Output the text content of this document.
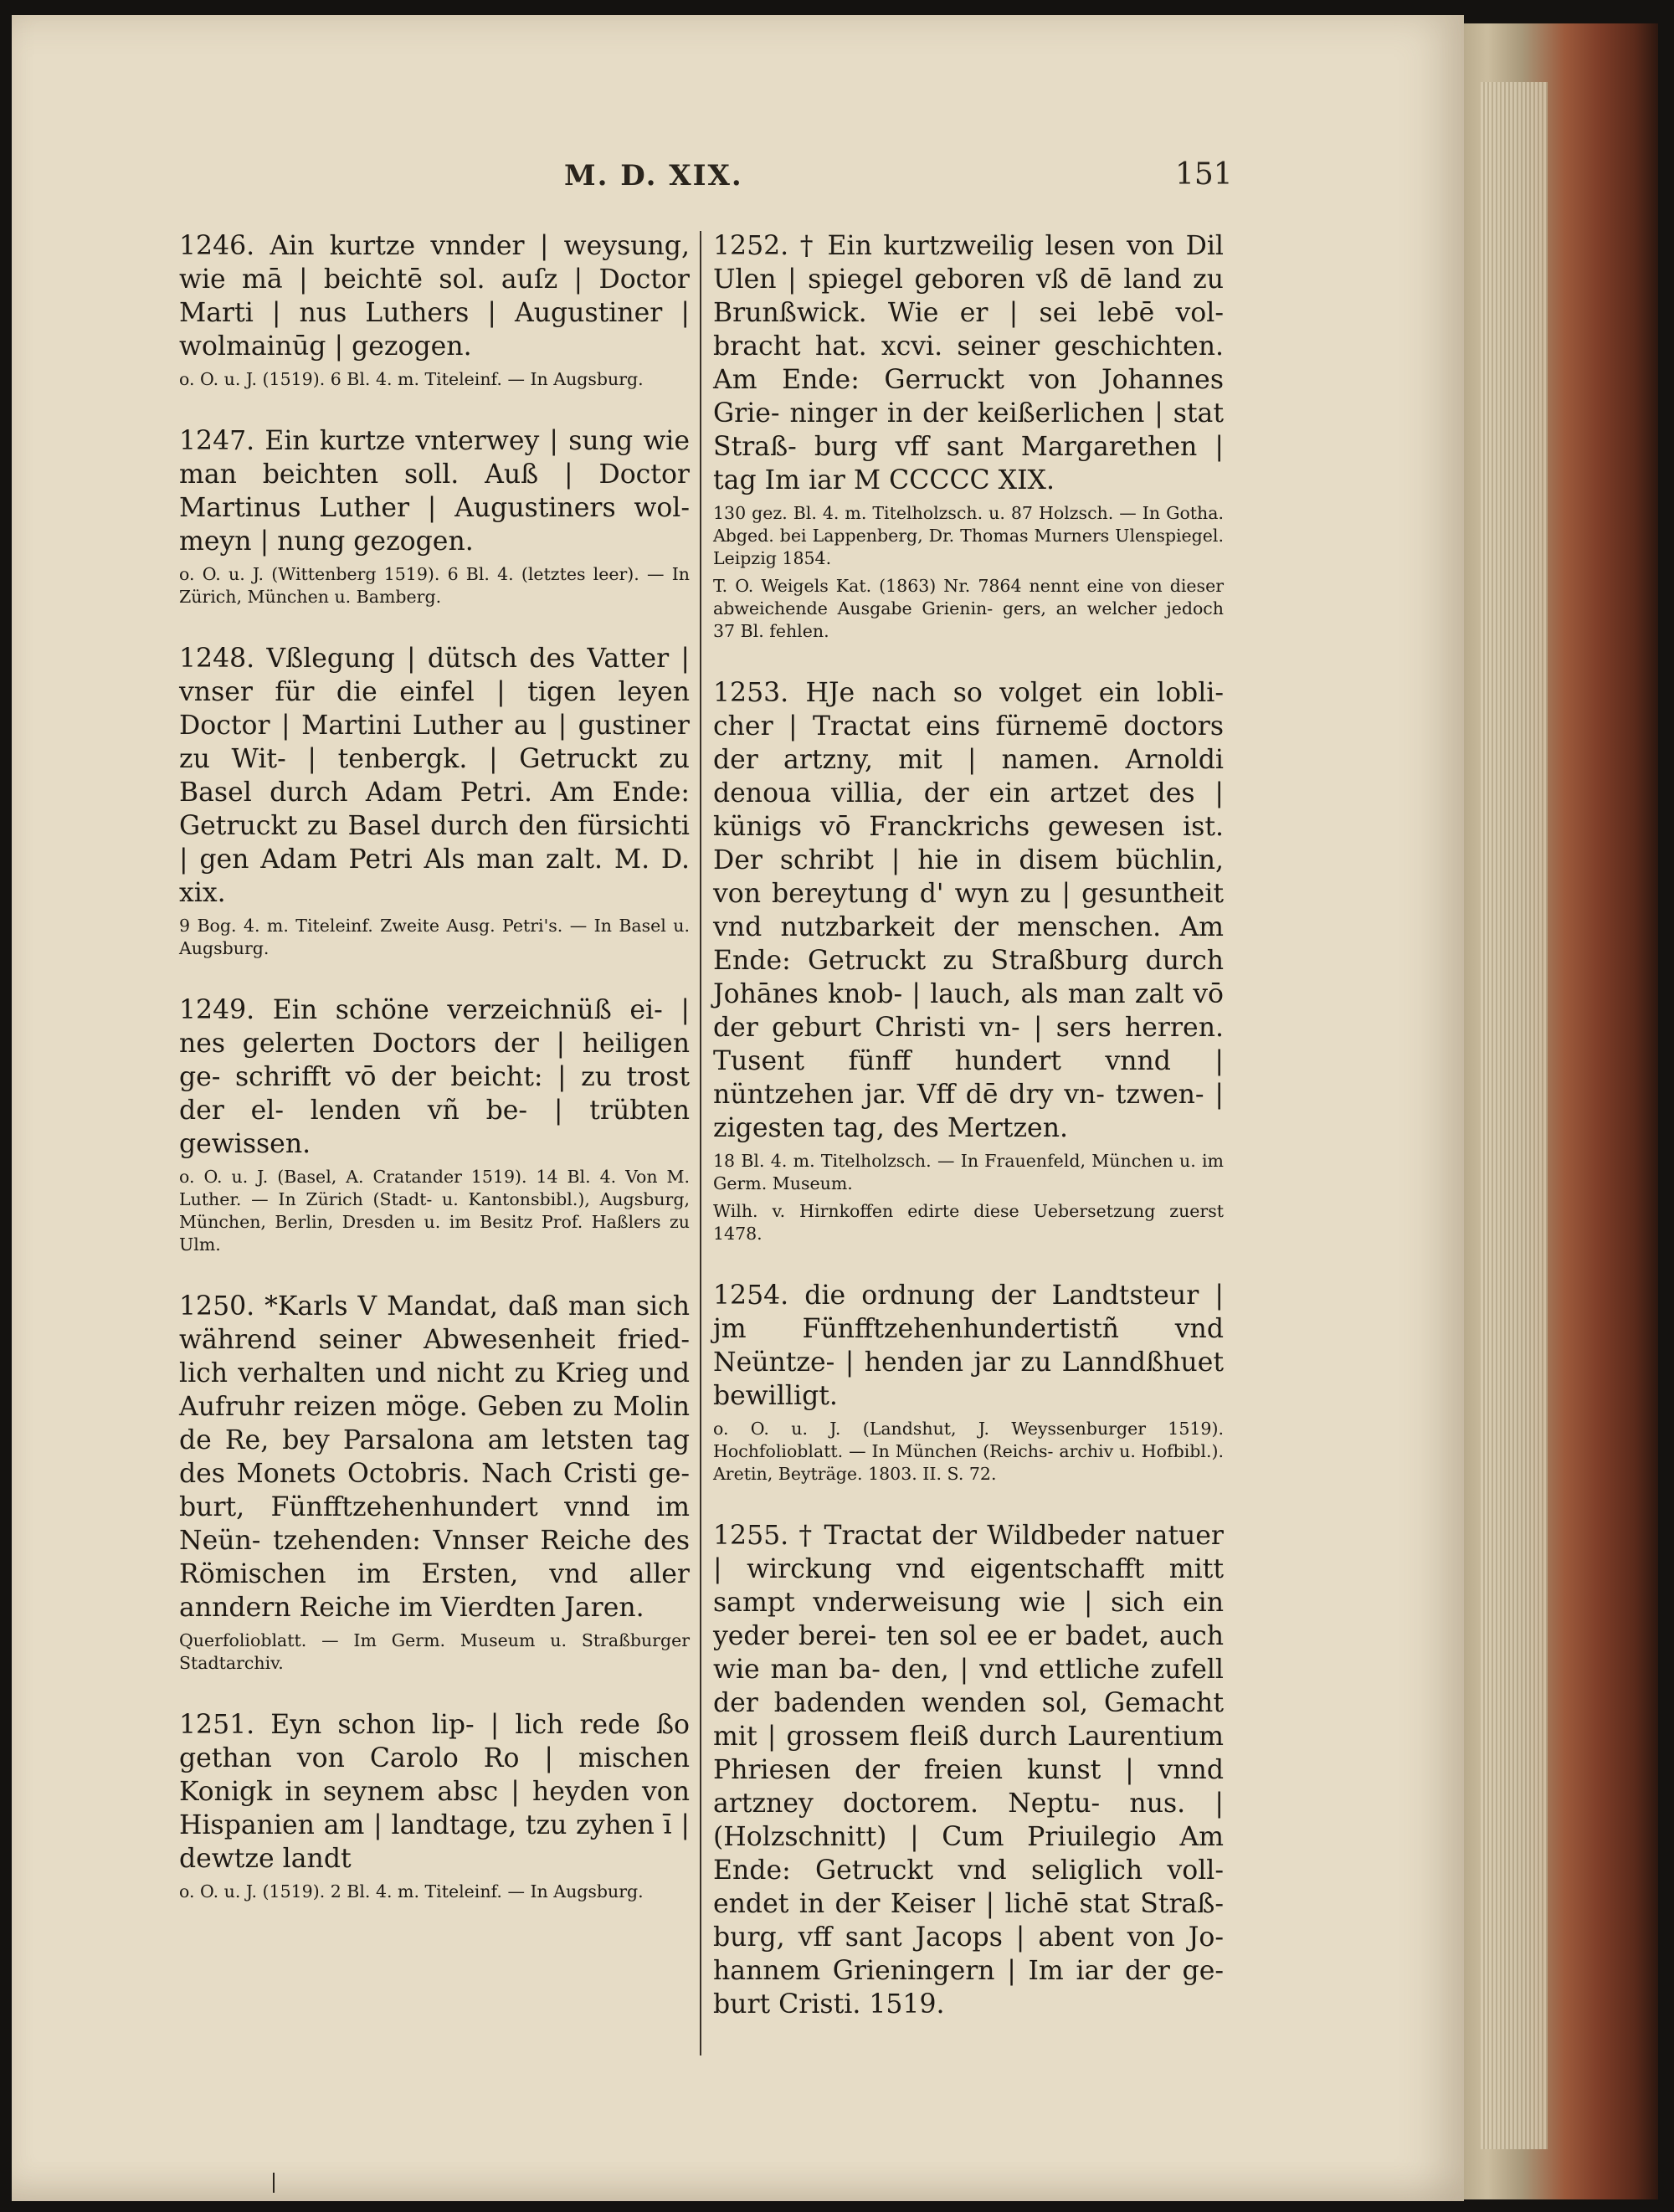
M. D. XIX.	151

1246. Ain kurtze vnnder | weysung, wie mā | beichtē sol. auſz | Doctor Marti | nus Luthers | Augustiner | wolmainūg | gezogen.

o. O. u. J. (1519). 6 Bl. 4. m. Titeleinf. — In Augsburg.

1247. Ein kurtze vnterwey | sung wie man beichten soll. Auß | Doctor Martinus Luther | Augustiners wol- meyn | nung gezogen.

o. O. u. J. (Wittenberg 1519). 6 Bl. 4. (letztes leer). — In Zürich, München u. Bamberg.

1248. Vßlegung | dütsch des Vatter | vnser für die einfel | tigen leyen Doctor | Martini Luther au | gustiner zu Wit- | tenbergk. | Getruckt zu Basel durch Adam Petri. Am Ende: Getruckt zu Basel durch den fürsichti | gen Adam Petri Als man zalt. M. D. xix.

9 Bog. 4. m. Titeleinf. Zweite Ausg. Petri's. — In Basel u. Augsburg.

1249. Ein schöne verzeichnüß ei- | nes gelerten Doctors der | heiligen ge- schrifft vō der beicht: | zu trost der el- lenden vñ be- | trübten gewissen.

o. O. u. J. (Basel, A. Cratander 1519). 14 Bl. 4. Von M. Luther. — In Zürich (Stadt- u. Kantonsbibl.), Augsburg, München, Berlin, Dresden u. im Besitz Prof. Haßlers zu Ulm.

1250. *Karls V Mandat, daß man sich während seiner Abwesenheit fried- lich verhalten und nicht zu Krieg und Aufruhr reizen möge. Geben zu Molin de Re, bey Parsalona am letsten tag des Monets Octobris. Nach Cristi ge- burt, Fünfftzehenhundert vnnd im Neün- tzehenden: Vnnser Reiche des Römischen im Ersten, vnd aller anndern Reiche im Vierdten Jaren.

Querfolioblatt. — Im Germ. Museum u. Straßburger Stadtarchiv.

1251. Eyn schon lip- | lich rede ßo gethan von Carolo Ro | mischen Konigk in seynem absc | heyden von Hispanien am | landtage, tzu zyhen ī | dewtze landt

o. O. u. J. (1519). 2 Bl. 4. m. Titeleinf. — In Augsburg.

1252. † Ein kurtzweilig lesen von Dil Ulen | spiegel geboren vß dē land zu Brunßwick. Wie er | sei lebē vol- bracht hat. xcvi. seiner geschichten. Am Ende: Gerruckt von Johannes Grie- ninger in der keißerlichen | stat Straß- burg vff sant Margarethen | tag Im iar M CCCCC XIX.

130 gez. Bl. 4. m. Titelholzsch. u. 87 Holzsch. — In Gotha. Abged. bei Lappenberg, Dr. Thomas Murners Ulenspiegel. Leipzig 1854.

T. O. Weigels Kat. (1863) Nr. 7864 nennt eine von dieser abweichende Ausgabe Grienin- gers, an welcher jedoch 37 Bl. fehlen.

1253. HJe nach so volget ein lobli- cher | Tractat eins fürnemē doctors der artzny, mit | namen. Arnoldi denoua villia, der ein artzet des | künigs vō Franckrichs gewesen ist. Der schribt | hie in disem büchlin, von bereytung d' wyn zu | gesuntheit vnd nutzbarkeit der menschen. Am Ende: Getruckt zu Straßburg durch Johānes knob- | lauch, als man zalt vō der geburt Christi vn- | sers herren. Tusent fünff hundert vnnd | nüntzehen jar. Vff dē dry vn- tzwen- | zigesten tag, des Mertzen.

18 Bl. 4. m. Titelholzsch. — In Frauenfeld, München u. im Germ. Museum.

Wilh. v. Hirnkoffen edirte diese Uebersetzung zuerst 1478.

1254. die ordnung der Landtsteur | jm Fünfftzehenhundertistñ vnd Neüntze- | henden jar zu Lanndßhuet bewilligt.

o. O. u. J. (Landshut, J. Weyssenburger 1519). Hochfolioblatt. — In München (Reichs- archiv u. Hofbibl.). Aretin, Beyträge. 1803. II. S. 72.

1255. † Tractat der Wildbeder natuer | wirckung vnd eigentschafft mitt sampt vnderweisung wie | sich ein yeder berei- ten sol ee er badet, auch wie man ba- den, | vnd ettliche zufell der badenden wenden sol, Gemacht mit | grossem fleiß durch Laurentium Phriesen der freien kunst | vnnd artzney doctorem. Neptu- nus. | (Holzschnitt) | Cum Priuilegio Am Ende: Getruckt vnd seliglich voll- endet in der Keiser | lichē stat Straß- burg, vff sant Jacops | abent von Jo- hannem Grieningern | Im iar der ge- burt Cristi. 1519.
